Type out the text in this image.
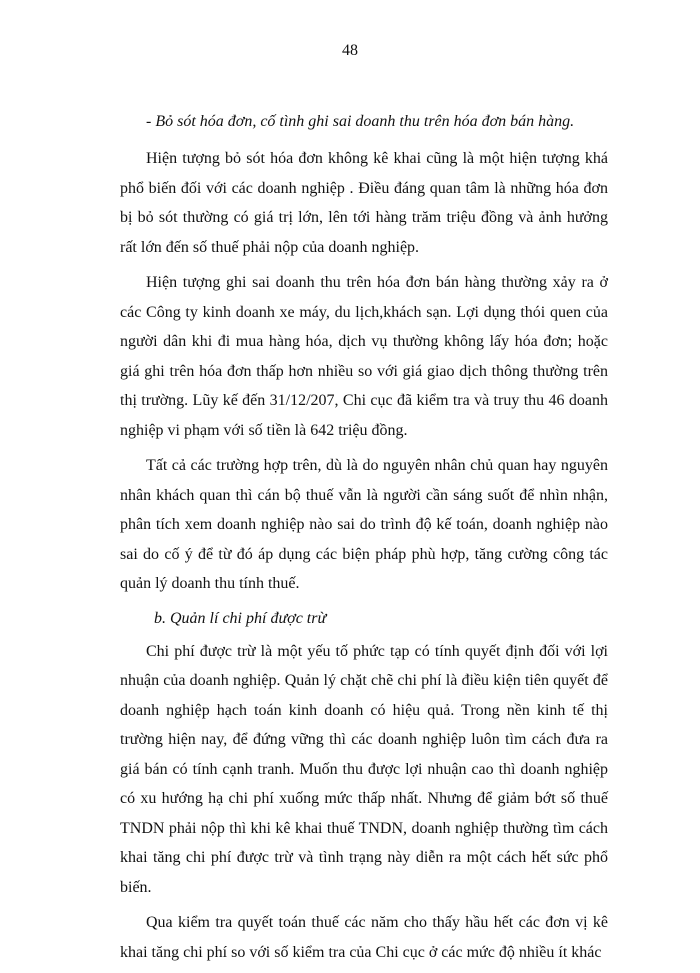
48

- Bỏ sót hóa đơn, cố tình ghi sai doanh thu trên hóa đơn bán hàng.

Hiện tượng bỏ sót hóa đơn không kê khai cũng là một hiện tượng khá phổ biến đối với các doanh nghiệp . Điều đáng quan tâm là những hóa đơn bị bỏ sót thường có giá trị lớn, lên tới hàng trăm triệu đồng và ảnh hưởng rất lớn đến số thuế phải nộp của doanh nghiệp.

Hiện tượng ghi sai doanh thu trên hóa đơn bán hàng thường xảy ra ở các Công ty kinh doanh xe máy, du lịch,khách sạn. Lợi dụng thói quen của người dân khi đi mua hàng hóa, dịch vụ thường không lấy hóa đơn; hoặc giá ghi trên hóa đơn thấp hơn nhiều so với giá giao dịch thông thường trên thị trường. Lũy kế đến 31/12/207, Chi cục đã kiểm tra và truy thu 46 doanh nghiệp vi phạm với số tiền là 642 triệu đồng.

Tất cả các trường hợp trên, dù là do nguyên nhân chủ quan hay nguyên nhân khách quan thì cán bộ thuế vẫn là người cần sáng suốt để nhìn nhận, phân tích xem doanh nghiệp nào sai do trình độ kế toán, doanh nghiệp nào sai do cố ý để từ đó áp dụng các biện pháp phù hợp, tăng cường công tác quản lý doanh thu tính thuế.

b. Quản lí chi phí được trừ

Chi phí được trừ là một yếu tố phức tạp có tính quyết định đối với lợi nhuận của doanh nghiệp. Quản lý chặt chẽ chi phí là điều kiện tiên quyết để doanh nghiệp hạch toán kinh doanh có hiệu quả. Trong nền kinh tế thị trường hiện nay, để đứng vững thì các doanh nghiệp luôn tìm cách đưa ra giá bán có tính cạnh tranh. Muốn thu được lợi nhuận cao thì doanh nghiệp có xu hướng hạ chi phí xuống mức thấp nhất. Nhưng để giảm bớt số thuế TNDN phải nộp thì khi kê khai thuế TNDN, doanh nghiệp thường tìm cách khai tăng chi phí được trừ và tình trạng này diễn ra một cách hết sức phổ biến.

Qua kiểm tra quyết toán thuế các năm cho thấy hầu hết các đơn vị kê khai tăng chi phí so với số kiểm tra của Chi cục ở các mức độ nhiều ít khác
